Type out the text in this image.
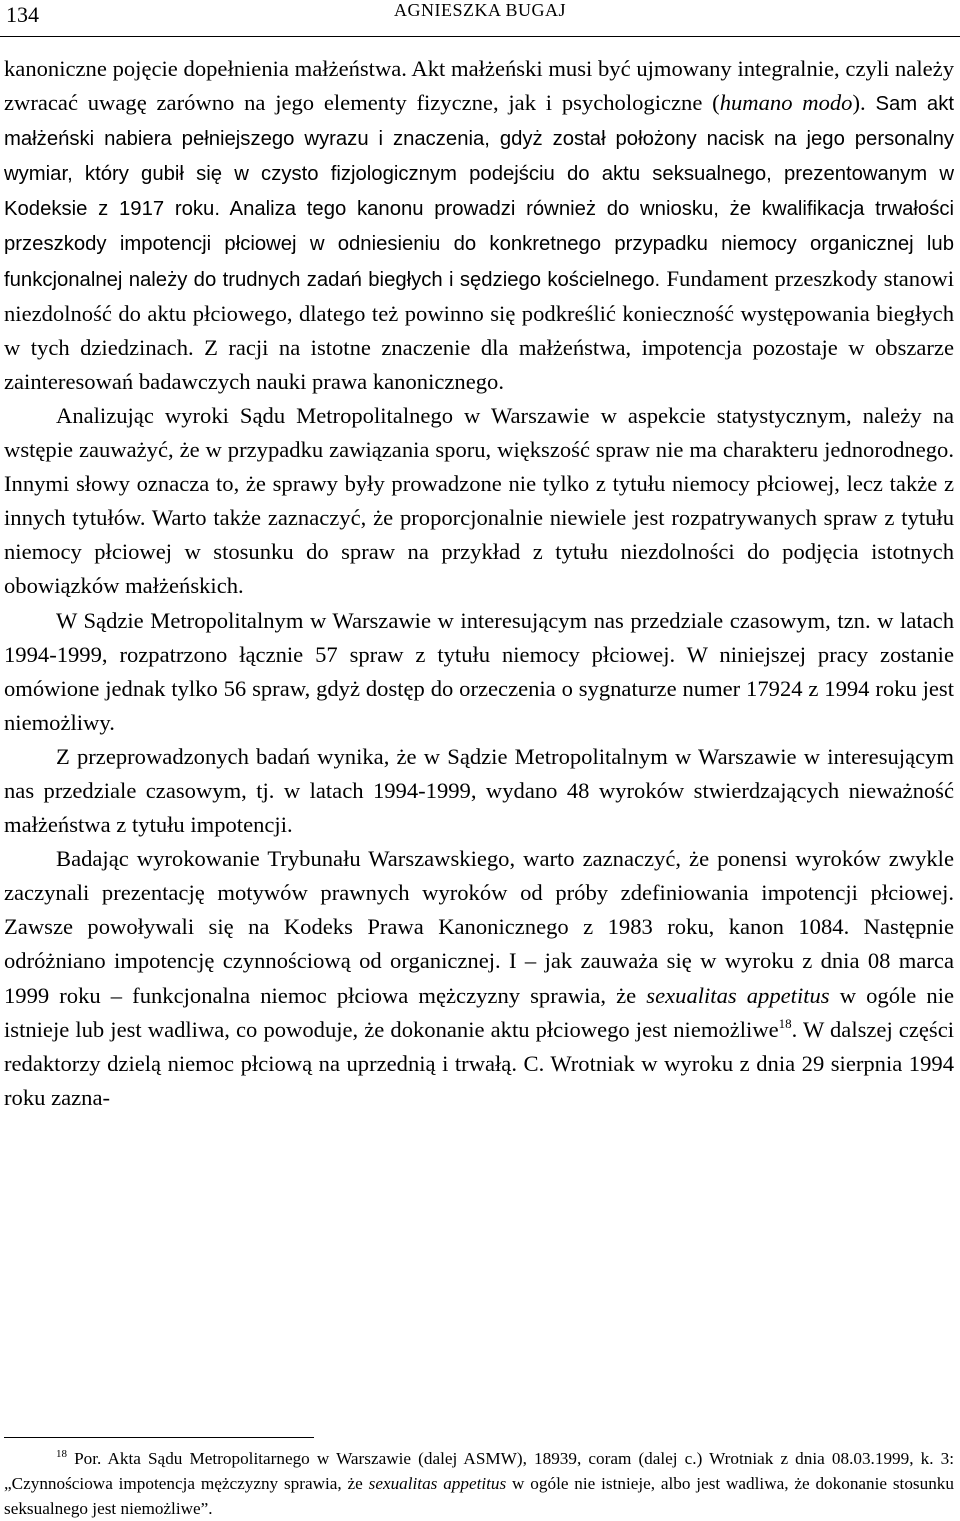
134	AGNIESZKA BUGAJ

kanoniczne pojęcie dopełnienia małżeństwa. Akt małżeński musi być ujmowany integralnie, czyli należy zwracać uwagę zarówno na jego elementy fizyczne, jak i psychologiczne (humano modo). Sam akt małżeński nabiera pełniejszego wyrazu i znaczenia, gdyż został położony nacisk na jego personalny wymiar, który gubił się w czysto fizjologicznym podejściu do aktu seksualnego, prezentowanym w Kodeksie z 1917 roku. Analiza tego kanonu prowadzi również do wniosku, że kwalifikacja trwałości przeszkody impotencji płciowej w odniesieniu do konkretnego przypadku niemocy organicznej lub funkcjonalnej należy do trudnych zadań biegłych i sędziego kościelnego. Fundament przeszkody stanowi niezdolność do aktu płciowego, dlatego też powinno się podkreślić konieczność występowania biegłych w tych dziedzinach. Z racji na istotne znaczenie dla małżeństwa, impotencja pozostaje w obszarze zainteresowań badawczych nauki prawa kanonicznego.

Analizując wyroki Sądu Metropolitalnego w Warszawie w aspekcie statystycznym, należy na wstępie zauważyć, że w przypadku zawiązania sporu, większość spraw nie ma charakteru jednorodnego. Innymi słowy oznacza to, że sprawy były prowadzone nie tylko z tytułu niemocy płciowej, lecz także z innych tytułów. Warto także zaznaczyć, że proporcjonalnie niewiele jest rozpatrywanych spraw z tytułu niemocy płciowej w stosunku do spraw na przykład z tytułu niezdolności do podjęcia istotnych obowiązków małżeńskich.

W Sądzie Metropolitalnym w Warszawie w interesującym nas przedziale czasowym, tzn. w latach 1994-1999, rozpatrzono łącznie 57 spraw z tytułu niemocy płciowej. W niniejszej pracy zostanie omówione jednak tylko 56 spraw, gdyż dostęp do orzeczenia o sygnaturze numer 17924 z 1994 roku jest niemożliwy.

Z przeprowadzonych badań wynika, że w Sądzie Metropolitalnym w Warszawie w interesującym nas przedziale czasowym, tj. w latach 1994-1999, wydano 48 wyroków stwierdzających nieważność małżeństwa z tytułu impotencji.

Badając wyrokowanie Trybunału Warszawskiego, warto zaznaczyć, że ponensi wyroków zwykle zaczynali prezentację motywów prawnych wyroków od próby zdefiniowania impotencji płciowej. Zawsze powoływali się na Kodeks Prawa Kanonicznego z 1983 roku, kanon 1084. Następnie odróżniano impotencję czynnościową od organicznej. I – jak zauważa się w wyroku z dnia 08 marca 1999 roku – funkcjonalna niemoc płciowa mężczyzny sprawia, że sexualitas appetitus w ogóle nie istnieje lub jest wadliwa, co powoduje, że dokonanie aktu płciowego jest niemożliwe$^{18}$. W dalszej części redaktorzy dzielą niemoc płciową na uprzednią i trwałą. C. Wrotniak w wyroku z dnia 29 sierpnia 1994 roku zazna-

$^{18}$ Por. Akta Sądu Metropolitarnego w Warszawie (dalej ASMW), 18939, coram (dalej c.) Wrotniak z dnia 08.03.1999, k. 3: „Czynnościowa impotencja mężczyzny sprawia, że sexualitas appetitus w ogóle nie istnieje, albo jest wadliwa, że dokonanie stosunku seksualnego jest niemożliwe”.
